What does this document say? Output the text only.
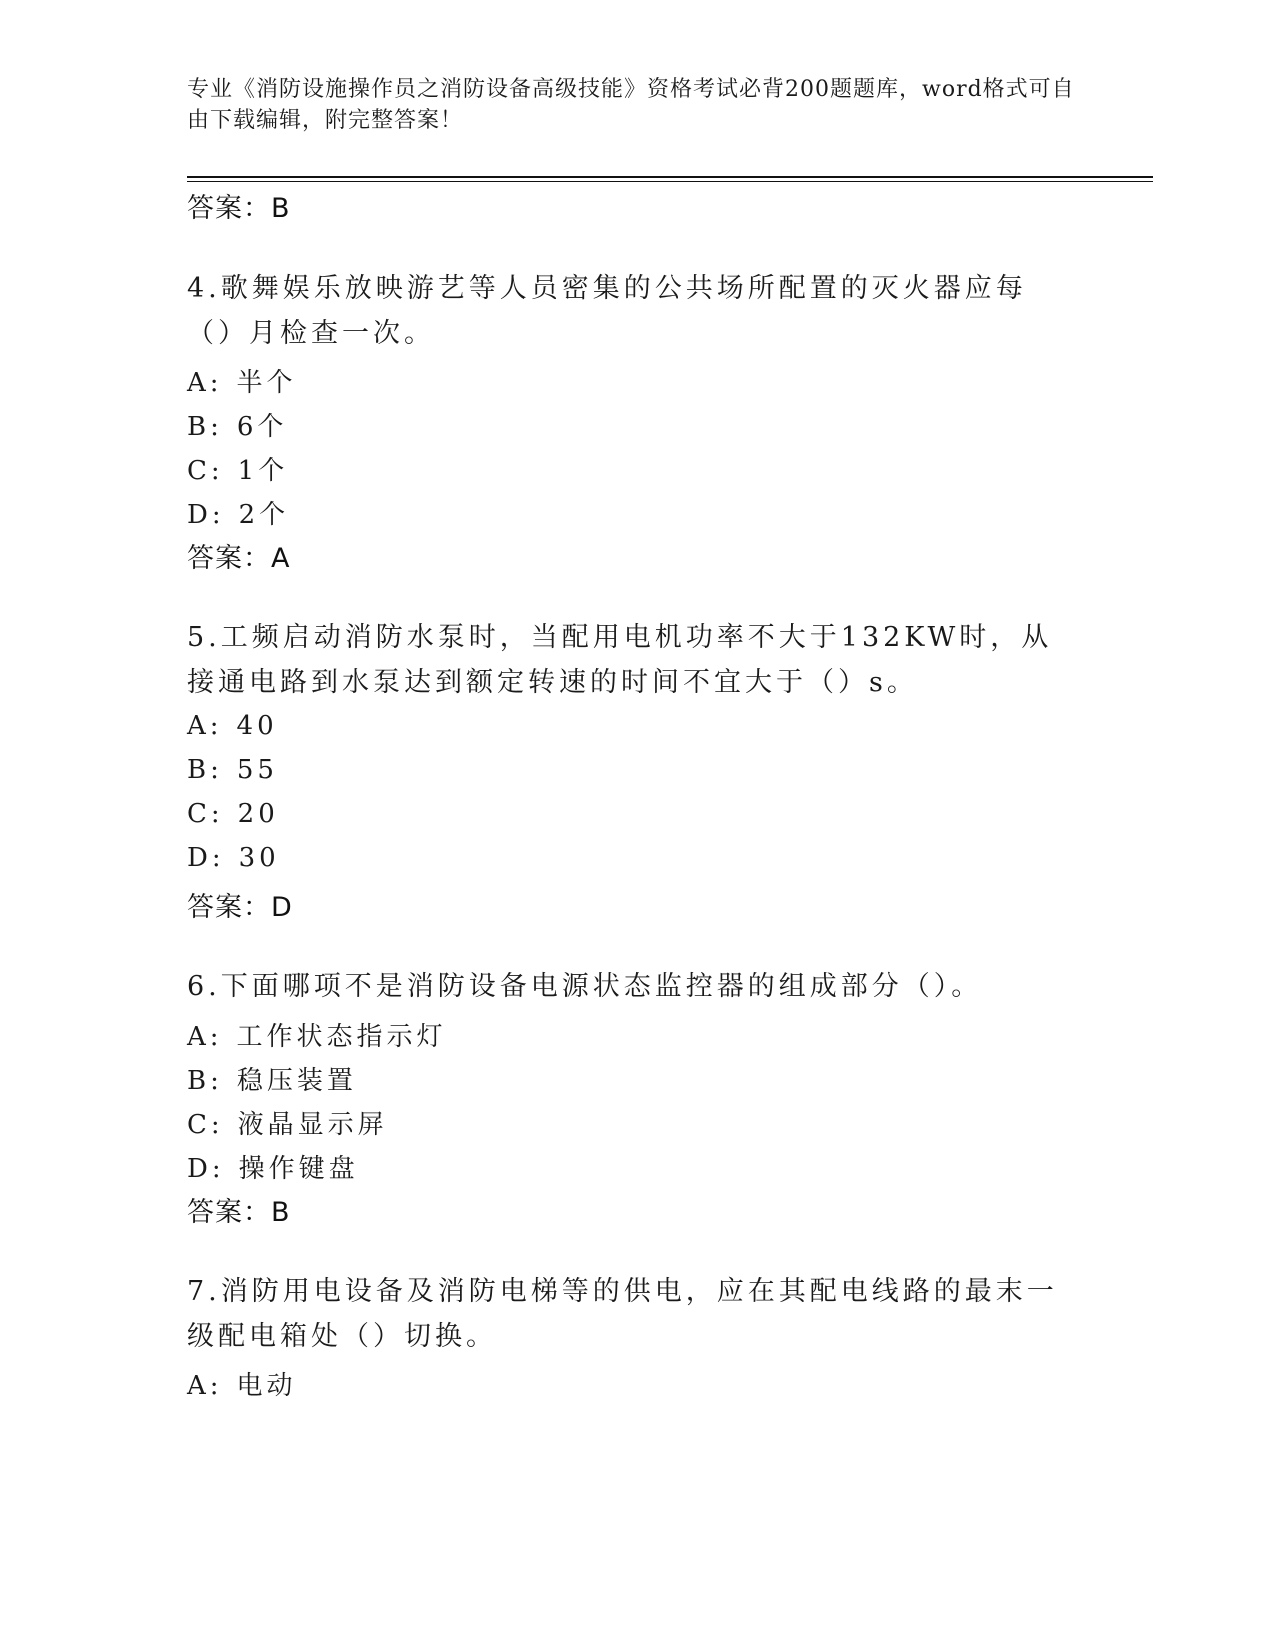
专业《消防设施操作员之消防设备高级技能》资格考试必背200题题库，word格式可自由下载编辑，附完整答案！
答案：B
4.歌舞娱乐放映游艺等人员密集的公共场所配置的灭火器应每（）月检查一次。
A: 半个
B: 6个
C: 1个
D: 2个
答案：A
5.工频启动消防水泵时，当配用电机功率不大于132KW时，从接通电路到水泵达到额定转速的时间不宜大于（）s。
A: 40
B: 55
C: 20
D: 30
答案：D
6.下面哪项不是消防设备电源状态监控器的组成部分（）。
A: 工作状态指示灯
B: 稳压装置
C: 液晶显示屏
D: 操作键盘
答案：B
7.消防用电设备及消防电梯等的供电，应在其配电线路的最末一级配电箱处（）切换。
A: 电动
